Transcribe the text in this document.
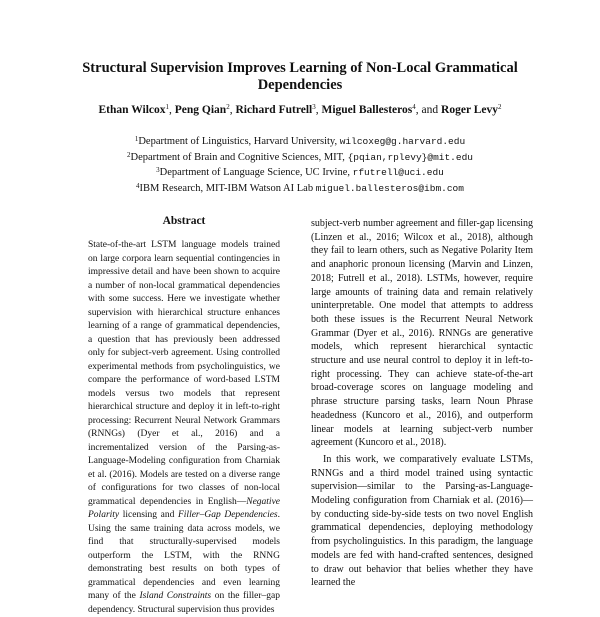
Structural Supervision Improves Learning of Non-Local Grammatical Dependencies
Ethan Wilcox$^1$, Peng Qian$^2$, Richard Futrell$^3$, Miguel Ballesteros$^4$, and Roger Levy$^2$
$^1$Department of Linguistics, Harvard University, wilcoxeg@g.harvard.edu
$^2$Department of Brain and Cognitive Sciences, MIT, {pqian,rplevy}@mit.edu
$^3$Department of Language Science, UC Irvine, rfutrell@uci.edu
$^4$IBM Research, MIT-IBM Watson AI Lab miguel.ballesteros@ibm.com
Abstract

State-of-the-art LSTM language models trained on large corpora learn sequential contingencies in impressive detail and have been shown to acquire a number of non-local grammatical dependencies with some success. Here we investigate whether supervision with hierarchical structure enhances learning of a range of grammatical dependencies, a question that has previously been addressed only for subject-verb agreement. Using controlled experimental methods from psycholinguistics, we compare the performance of word-based LSTM models versus two models that represent hierarchical structure and deploy it in left-to-right processing: Recurrent Neural Network Grammars (RNNGs) (Dyer et al., 2016) and a incrementalized version of the Parsing-as-Language-Modeling configuration from Charniak et al. (2016). Models are tested on a diverse range of configurations for two classes of non-local grammatical dependencies in English—Negative Polarity licensing and Filler–Gap Dependencies. Using the same training data across models, we find that structurally-supervised models outperform the LSTM, with the RNNG demonstrating best results on both types of grammatical dependencies and even learning many of the Island Constraints on the filler–gap dependency. Structural supervision thus provides

subject-verb number agreement and filler-gap licensing (Linzen et al., 2016; Wilcox et al., 2018), although they fail to learn others, such as Negative Polarity Item and anaphoric pronoun licensing (Marvin and Linzen, 2018; Futrell et al., 2018). LSTMs, however, require large amounts of training data and remain relatively uninterpretable. One model that attempts to address both these issues is the Recurrent Neural Network Grammar (Dyer et al., 2016). RNNGs are generative models, which represent hierarchical syntactic structure and use neural control to deploy it in left-to-right processing. They can achieve state-of-the-art broad-coverage scores on language modeling and phrase structure parsing tasks, learn Noun Phrase headedness (Kuncoro et al., 2016), and outperform linear models at learning subject-verb number agreement (Kuncoro et al., 2018).

In this work, we comparatively evaluate LSTMs, RNNGs and a third model trained using syntactic supervision—similar to the Parsing-as-Language-Modeling configuration from Charniak et al. (2016)—by conducting side-by-side tests on two novel English grammatical dependencies, deploying methodology from psycholinguistics. In this paradigm, the language models are fed with hand-crafted sentences, designed to draw out behavior that belies whether they have learned the
